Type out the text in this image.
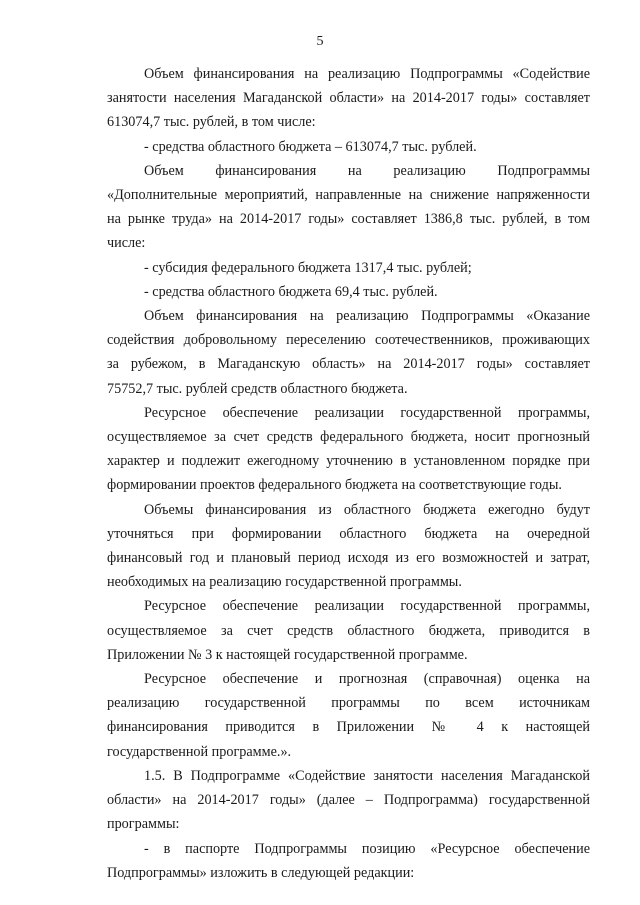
5

Объем финансирования на реализацию Подпрограммы «Содействие
занятости населения Магаданской области» на 2014-2017 годы» составляет
613074,7 тыс. рублей, в том числе:

- средства областного бюджета – 613074,7 тыс. рублей.

Объем финансирования на реализацию Подпрограммы
«Дополнительные мероприятий, направленные на снижение напряженности
на рынке труда» на 2014-2017 годы» составляет 1386,8 тыс. рублей, в том
числе:

- субсидия федерального бюджета 1317,4 тыс. рублей;

- средства областного бюджета 69,4 тыс. рублей.

Объем финансирования на реализацию Подпрограммы «Оказание
содействия добровольному переселению соотечественников, проживающих
за рубежом, в Магаданскую область» на 2014-2017 годы» составляет
75752,7 тыс. рублей средств областного бюджета.

Ресурсное обеспечение реализации государственной программы,
осуществляемое за счет средств федерального бюджета, носит прогнозный
характер и подлежит ежегодному уточнению в установленном порядке при
формировании проектов федерального бюджета на соответствующие годы.

Объемы финансирования из областного бюджета ежегодно будут
уточняться при формировании областного бюджета на очередной
финансовый год и плановый период исходя из его возможностей и затрат,
необходимых на реализацию государственной программы.

Ресурсное обеспечение реализации государственной программы,
осуществляемое за счет средств областного бюджета, приводится в
Приложении № 3 к настоящей государственной программе.

Ресурсное обеспечение и прогнозная (справочная) оценка на
реализацию государственной программы по всем источникам
финансирования приводится в Приложении № 4 к настоящей
государственной программе.».

1.5. В Подпрограмме «Содействие занятости населения Магаданской
области» на 2014-2017 годы» (далее – Подпрограмма) государственной
программы:

- в паспорте Подпрограммы позицию «Ресурсное обеспечение
Подпрограммы» изложить в следующей редакции:
